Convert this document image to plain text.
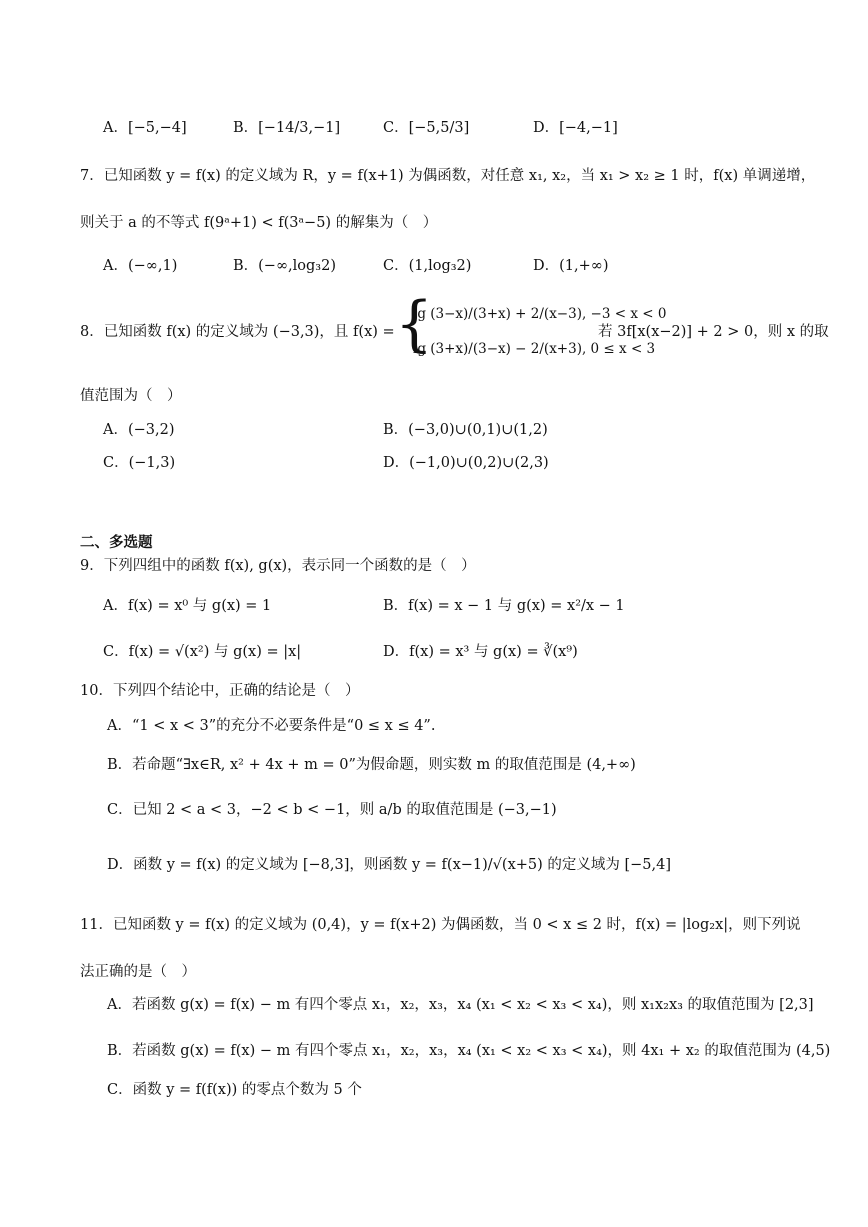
A．[−5,−4]	B．[−14/3,−1]	C．[−5,5/3]	D．[−4,−1]
7．已知函数 y = f(x) 的定义域为 R，y = f(x+1) 为偶函数，对任意 x₁, x₂，当 x₁ > x₂ ≥ 1 时，f(x) 单调递增，
则关于 a 的不等式 f(9ᵃ+1) < f(3ᵃ−5) 的解集为（　）
A．(−∞,1)	B．(−∞,log₃2)	C．(1,log₃2)	D．(1,+∞)
8．已知函数 f(x) 的定义域为 (−3,3)，且 f(x) = {
lg (3−x)/(3+x) + 2/(x−3), −3 < x < 0
lg (3+x)/(3−x) − 2/(x+3), 0 ≤ x < 3
若 3f[x(x−2)] + 2 > 0，则 x 的取
值范围为（　）
A．(−3,2)	B．(−3,0)∪(0,1)∪(1,2)
C．(−1,3)	D．(−1,0)∪(0,2)∪(2,3)
二、多选题
9．下列四组中的函数 f(x), g(x)，表示同一个函数的是（　）
A．f(x) = x⁰ 与 g(x) = 1	B．f(x) = x − 1 与 g(x) = x²/x − 1
C．f(x) = √(x²) 与 g(x) = |x|	D．f(x) = x³ 与 g(x) = ∛(x⁹)
10．下列四个结论中，正确的结论是（　）
A．“1 < x < 3”的充分不必要条件是“0 ≤ x ≤ 4”.
B．若命题“∃x∈R, x² + 4x + m = 0”为假命题，则实数 m 的取值范围是 (4,+∞)
C．已知 2 < a < 3，−2 < b < −1，则 a/b 的取值范围是 (−3,−1)
D．函数 y = f(x) 的定义域为 [−8,3]，则函数 y = f(x−1)/√(x+5) 的定义域为 [−5,4]
11．已知函数 y = f(x) 的定义域为 (0,4)，y = f(x+2) 为偶函数，当 0 < x ≤ 2 时，f(x) = |log₂x|，则下列说
法正确的是（　）
A．若函数 g(x) = f(x) − m 有四个零点 x₁，x₂，x₃，x₄ (x₁ < x₂ < x₃ < x₄)，则 x₁x₂x₃ 的取值范围为 [2,3]
B．若函数 g(x) = f(x) − m 有四个零点 x₁，x₂，x₃，x₄ (x₁ < x₂ < x₃ < x₄)，则 4x₁ + x₂ 的取值范围为 (4,5)
C．函数 y = f(f(x)) 的零点个数为 5 个
